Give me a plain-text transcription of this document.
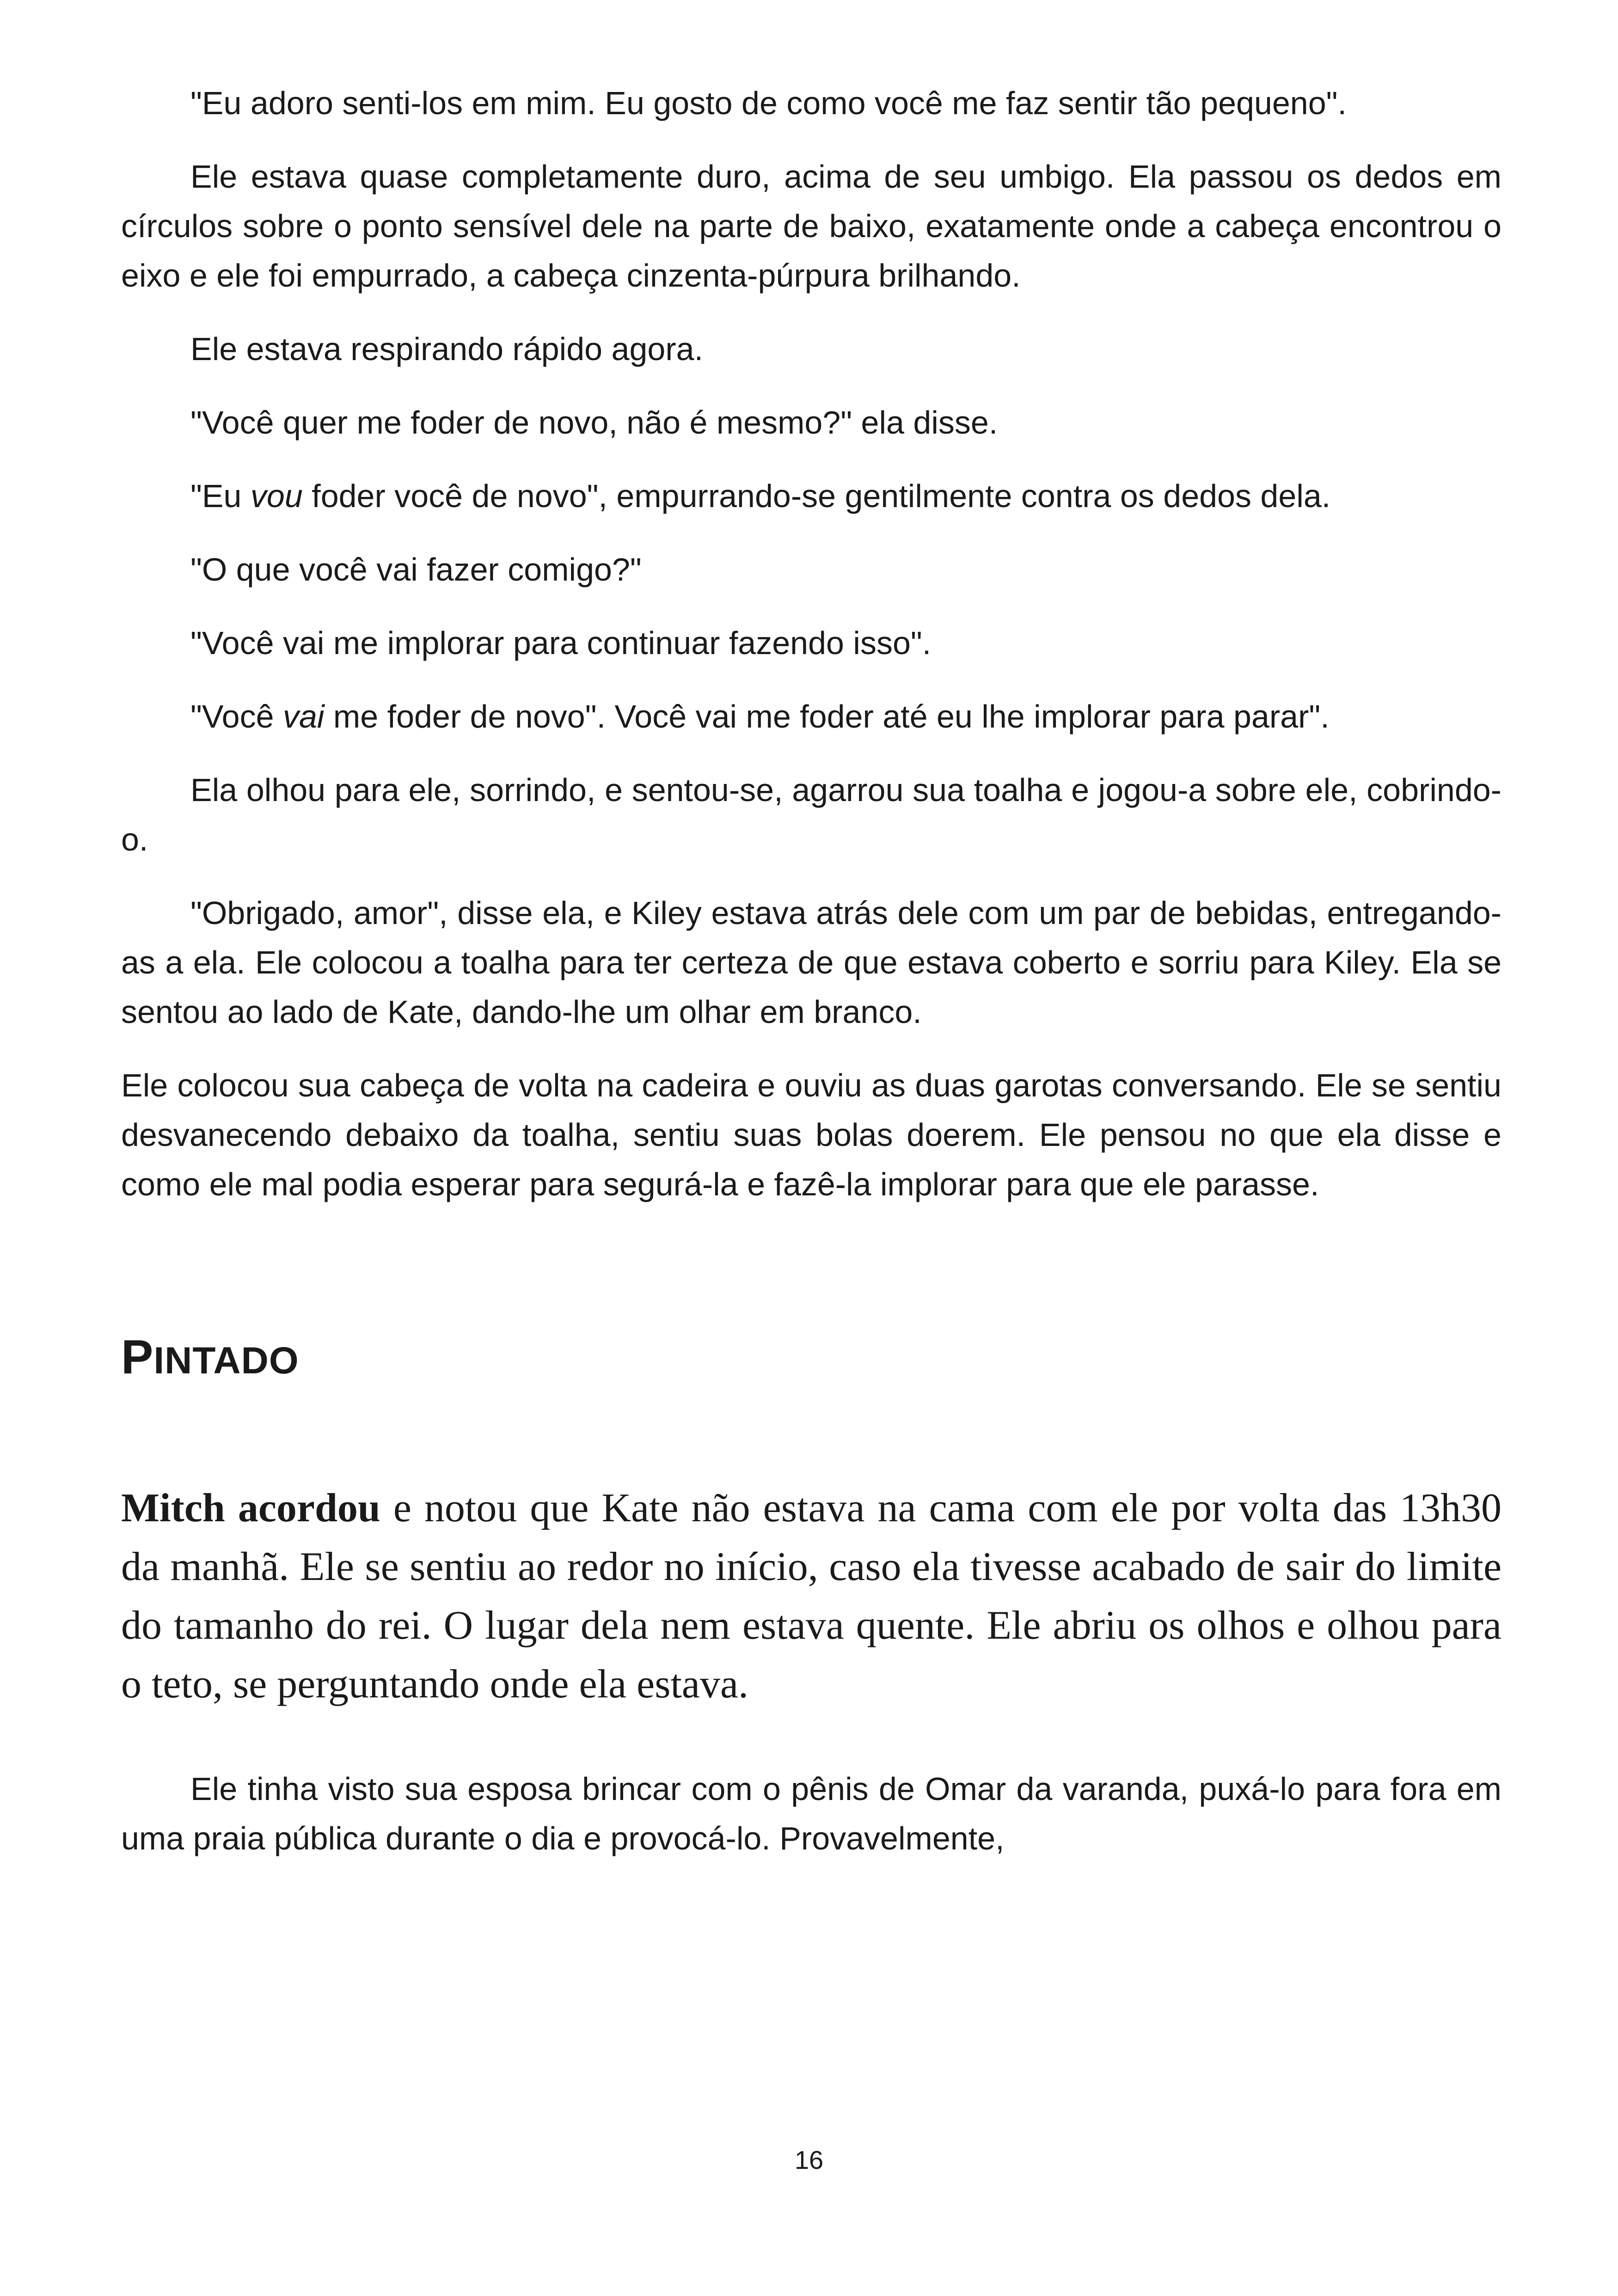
"Eu adoro senti-los em mim. Eu gosto de como você me faz sentir tão pequeno".

Ele estava quase completamente duro, acima de seu umbigo. Ela passou os dedos em círculos sobre o ponto sensível dele na parte de baixo, exatamente onde a cabeça encontrou o eixo e ele foi empurrado, a cabeça cinzenta-púrpura brilhando.

Ele estava respirando rápido agora.

"Você quer me foder de novo, não é mesmo?" ela disse.

"Eu vou foder você de novo", empurrando-se gentilmente contra os dedos dela.

"O que você vai fazer comigo?"

"Você vai me implorar para continuar fazendo isso".

"Você vai me foder de novo". Você vai me foder até eu lhe implorar para parar".

Ela olhou para ele, sorrindo, e sentou-se, agarrou sua toalha e jogou-a sobre ele, cobrindo-o.

"Obrigado, amor", disse ela, e Kiley estava atrás dele com um par de bebidas, entregando-as a ela. Ele colocou a toalha para ter certeza de que estava coberto e sorriu para Kiley. Ela se sentou ao lado de Kate, dando-lhe um olhar em branco.

Ele colocou sua cabeça de volta na cadeira e ouviu as duas garotas conversando. Ele se sentiu desvanecendo debaixo da toalha, sentiu suas bolas doerem. Ele pensou no que ela disse e como ele mal podia esperar para segurá-la e fazê-la implorar para que ele parasse.

PINTADO

Mitch acordou e notou que Kate não estava na cama com ele por volta das 13h30 da manhã. Ele se sentiu ao redor no início, caso ela tivesse acabado de sair do limite do tamanho do rei. O lugar dela nem estava quente. Ele abriu os olhos e olhou para o teto, se perguntando onde ela estava.

Ele tinha visto sua esposa brincar com o pênis de Omar da varanda, puxá-lo para fora em uma praia pública durante o dia e provocá-lo. Provavelmente,

16
